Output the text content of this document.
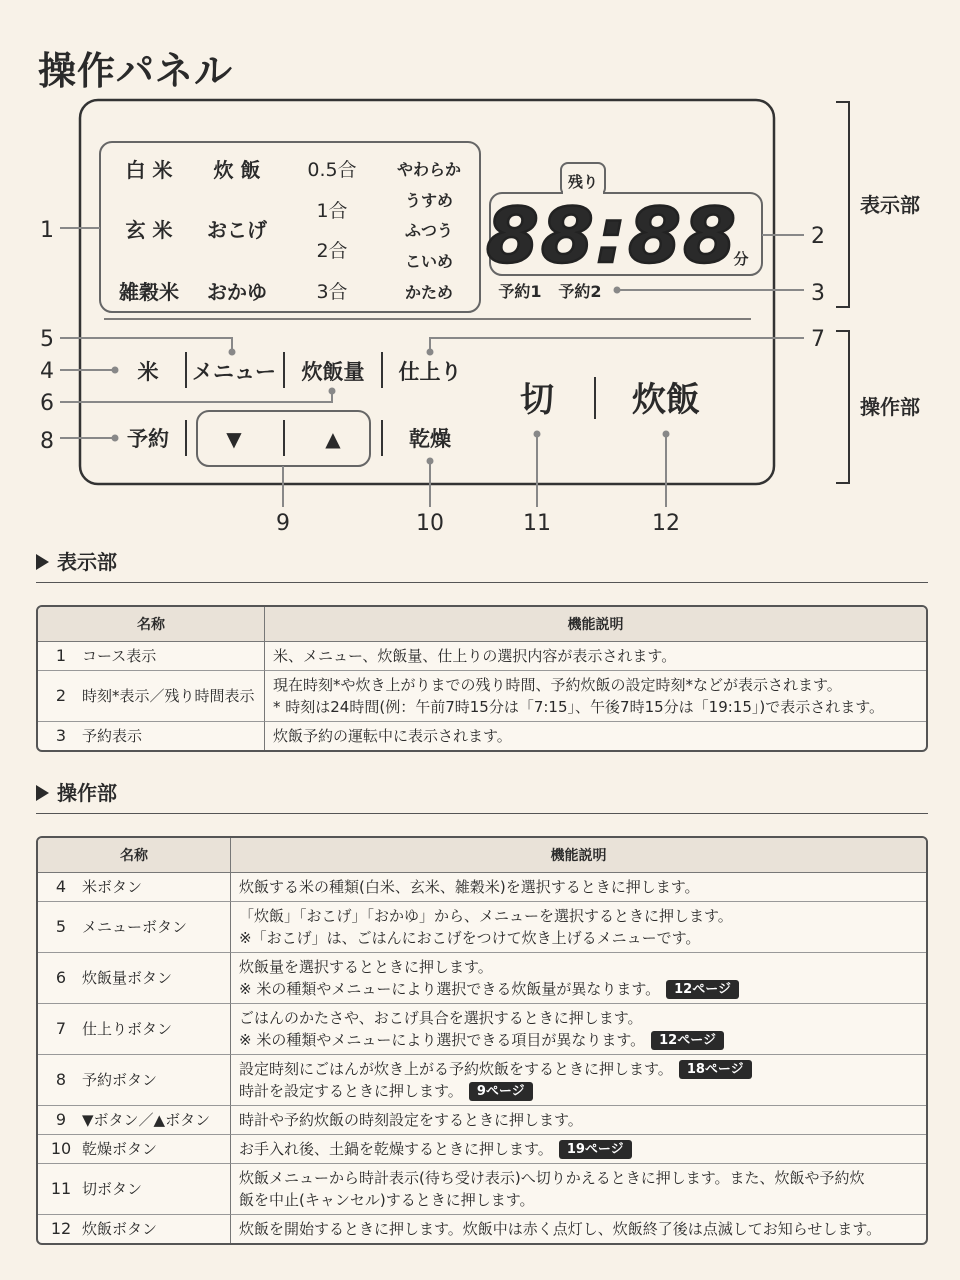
操作パネル
白 米 炊 飯
玄 米 おこげ
雑穀米 おかゆ
0.5合
1合
2合
3合
やわらか
うすめ
ふつう
こいめ
かため
残り
88:88
分
予約1 予約2
米 メニュー 炊飯量 仕上り
予約	▼	▲	乾燥
切 炊飯
1	2
3
4
5
6
7
8
9	10	11	12
表示部
操作部
表示部
名称	機能説明
1 コース表示	米、メニュー、炊飯量、仕上りの選択内容が表示されます。

2 時刻*表示／残り時間表示	現在時刻*や炊き上がりまでの残り時間、予約炊飯の設定時刻*などが表示されます。
* 時刻は24時間(例：午前7時15分は「7:15」、午後7時15分は「19:15」)で表示されます。

3 予約表示	炊飯予約の運転中に表示されます。
操作部
名称	機能説明
4 米ボタン	炊飯する米の種類(白米、玄米、雑穀米)を選択するときに押します。

5 メニューボタン	「炊飯」「おこげ」「おかゆ」から、メニューを選択するときに押します。
※「おこげ」は、ごはんにおこげをつけて炊き上げるメニューです。

6 炊飯量ボタン	炊飯量を選択するとときに押します。
※ 米の種類やメニューにより選択できる炊飯量が異なります。 12ページ

7 仕上りボタン	ごはんのかたさや、おこげ具合を選択するときに押します。
※ 米の種類やメニューにより選択できる項目が異なります。 12ページ

8 予約ボタン	設定時刻にごはんが炊き上がる予約炊飯をするときに押します。 18ページ
時計を設定するときに押します。 9ページ

9 ▼ボタン／▲ボタン	時計や予約炊飯の時刻設定をするときに押します。

10 乾燥ボタン	お手入れ後、土鍋を乾燥するときに押します。 19ページ

11 切ボタン	炊飯メニューから時計表示(待ち受け表示)へ切りかえるときに押します。また、炊飯や予約炊
飯を中止(キャンセル)するときに押します。

12 炊飯ボタン	炊飯を開始するときに押します。炊飯中は赤く点灯し、炊飯終了後は点滅してお知らせします。
